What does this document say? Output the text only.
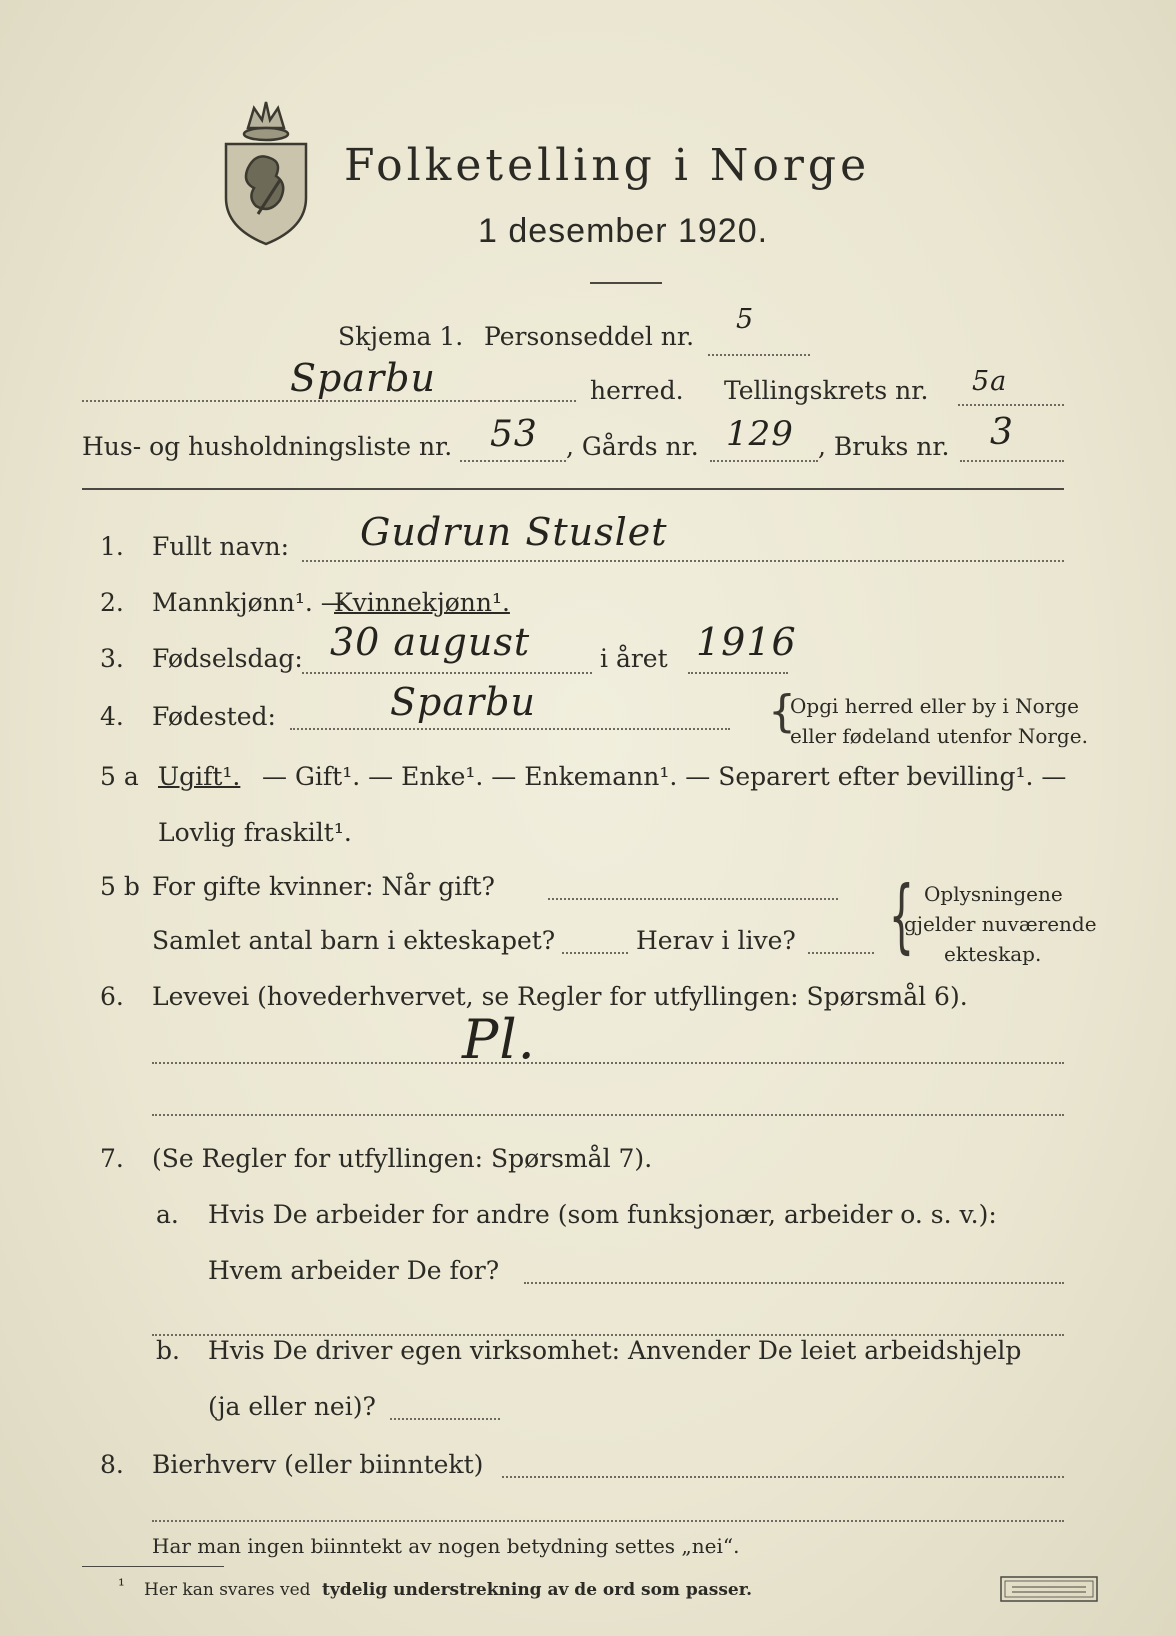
Folketelling i Norge
1 desember 1920.
Skjema 1. Personseddel nr.
5
Sparbu	herred. Tellingskrets nr. 5a
Hus- og husholdningsliste nr. 53 , Gårds nr. 129 , Bruks nr. 3
1. Fullt navn: Gudrun Stuslet
2. Mannkjønn¹. —
Kvinnekjønn¹.
3. Fødselsdag: 30 august	i året 1916
4. Fødested:	Sparbu	{
Opgi herred eller by i Norge
eller fødeland utenfor Norge.
5 a Ugift¹. — Gift¹. — Enke¹. — Enkemann¹. — Separert efter bevilling¹. —
Lovlig fraskilt¹.
5 b For gifte kvinner: Når gift?
Samlet antal barn i ekteskapet?	Herav i live? { Oplysningene
gjelder nuværende
ekteskap.
6. Levevei (hovederhvervet, se Regler for utfyllingen: Spørsmål 6).
Pl.
7. (Se Regler for utfyllingen: Spørsmål 7).
a. Hvis De arbeider for andre (som funksjonær, arbeider o. s. v.):
Hvem arbeider De for?
b. Hvis De driver egen virksomhet: Anvender De leiet arbeidshjelp
(ja eller nei)?
8. Bierhverv (eller biinntekt)
Har man ingen biinntekt av nogen betydning settes „nei“.
¹ Her kan svares ved tydelig understrekning av de ord som passer.
